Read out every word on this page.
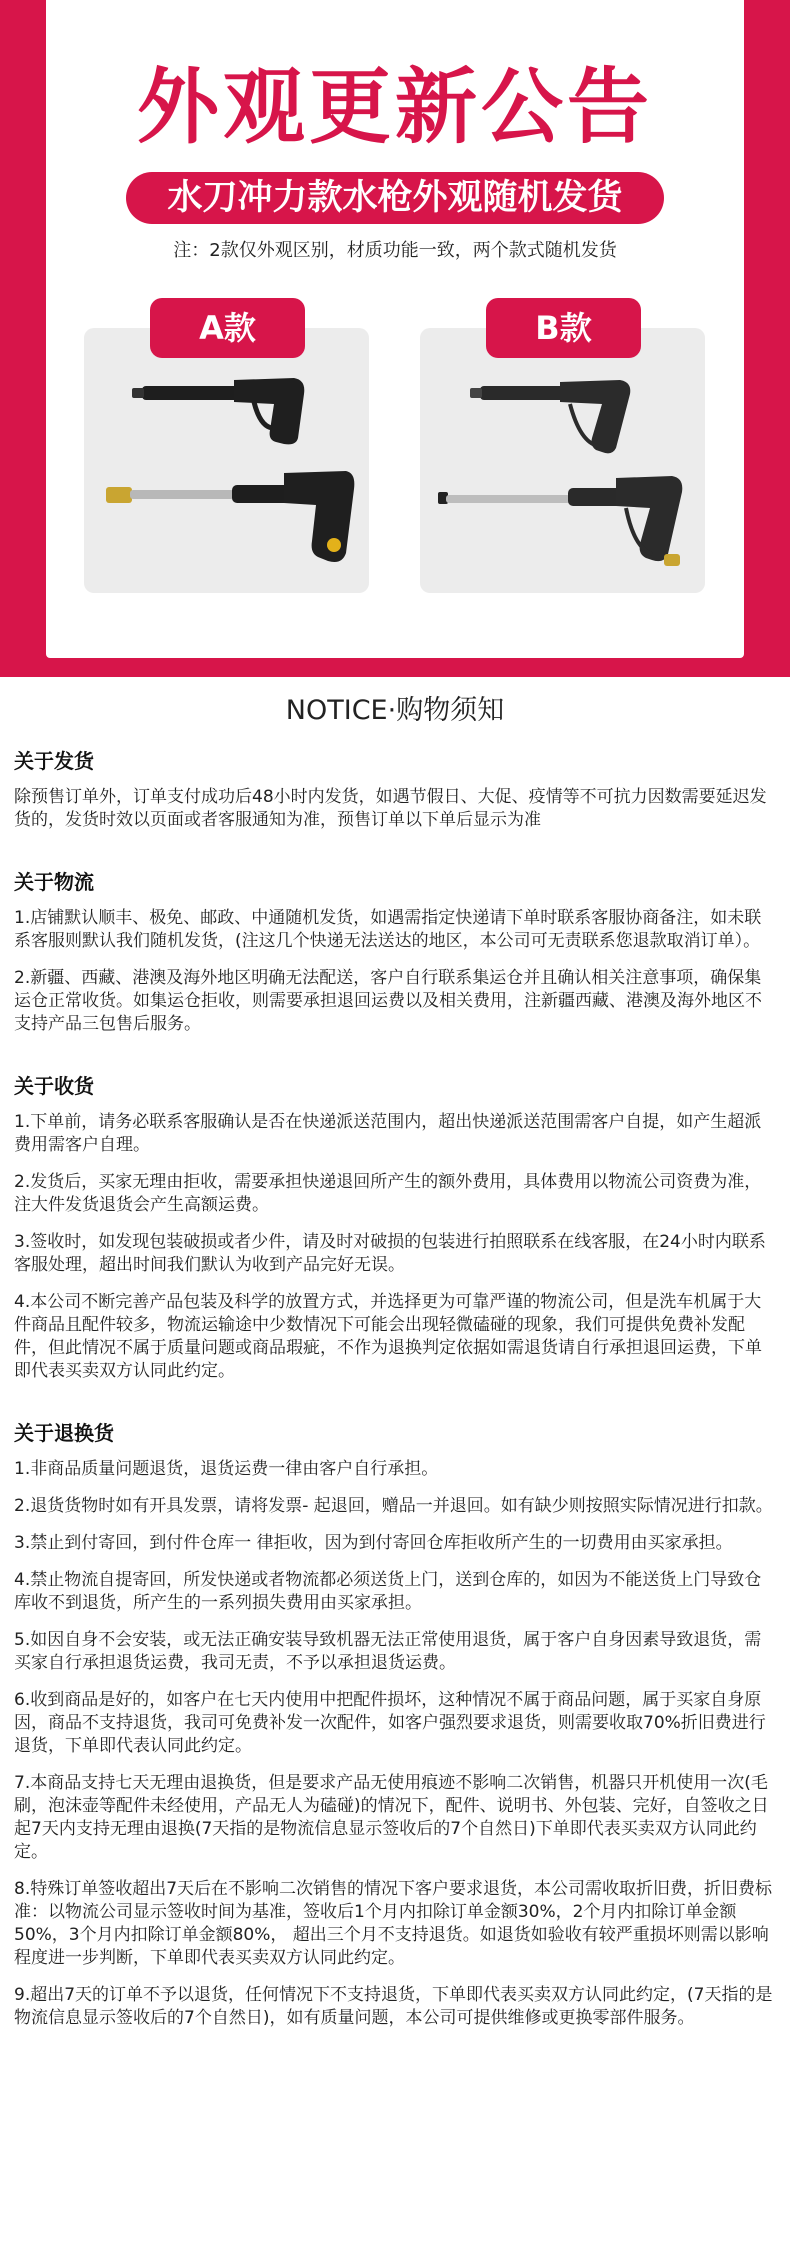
外观更新公告
水刀冲力款水枪外观随机发货
注：2款仅外观区别，材质功能一致，两个款式随机发货
A款	B款
NOTICE·购物须知
关于发货

除预售订单外，订单支付成功后48小时内发货，如遇节假日、大促、疫情等不可抗力因数需要延迟发货的，发货时效以页面或者客服通知为准，预售订单以下单后显示为准

关于物流

1.店铺默认顺丰、极免、邮政、中通随机发货，如遇需指定快递请下单时联系客服协商备注，如未联系客服则默认我们随机发货，(注这几个快递无法送达的地区，本公司可无责联系您退款取消订单）。

2.新疆、西藏、港澳及海外地区明确无法配送，客户自行联系集运仓并且确认相关注意事项，确保集运仓正常收货。如集运仓拒收，则需要承担退回运费以及相关费用，注新疆西藏、港澳及海外地区不支持产品三包售后服务。

关于收货

1.下单前，请务必联系客服确认是否在快递派送范围内，超出快递派送范围需客户自提，如产生超派费用需客户自理。

2.发货后，买家无理由拒收，需要承担快递退回所产生的额外费用，具体费用以物流公司资费为准，注大件发货退货会产生高额运费。

3.签收时，如发现包装破损或者少件，请及时对破损的包装进行拍照联系在线客服，在24小时内联系客服处理，超出时间我们默认为收到产品完好无误。

4.本公司不断完善产品包装及科学的放置方式，并选择更为可靠严谨的物流公司，但是洗车机属于大件商品且配件较多，物流运输途中少数情况下可能会出现轻微磕碰的现象，我们可提供免费补发配件，但此情况不属于质量问题或商品瑕疵，不作为退换判定依据如需退货请自行承担退回运费，下单即代表买卖双方认同此约定。

关于退换货

1.非商品质量问题退货，退货运费一律由客户自行承担。

2.退货货物时如有开具发票，请将发票- 起退回，赠品一并退回。如有缺少则按照实际情况进行扣款。

3.禁止到付寄回，到付件仓库一 律拒收，因为到付寄回仓库拒收所产生的一切费用由买家承担。

4.禁止物流自提寄回，所发快递或者物流都必须送货上门，送到仓库的，如因为不能送货上门导致仓库收不到退货，所产生的一系列损失费用由买家承担。

5.如因自身不会安装，或无法正确安装导致机器无法正常使用退货，属于客户自身因素导致退货，需买家自行承担退货运费，我司无责，不予以承担退货运费。

6.收到商品是好的，如客户在七天内使用中把配件损坏，这种情况不属于商品问题，属于买家自身原因，商品不支持退货，我司可免费补发一次配件，如客户强烈要求退货，则需要收取70%折旧费进行退货，下单即代表认同此约定。

7.本商品支持七天无理由退换货，但是要求产品无使用痕迹不影响二次销售，机器只开机使用一次(毛刷，泡沫壶等配件未经使用，产品无人为磕碰)的情况下，配件、说明书、外包装、完好，自签收之日起7天内支持无理由退换(7天指的是物流信息显示签收后的7个自然日)下单即代表买卖双方认同此约定。

8.特殊订单签收超出7天后在不影响二次销售的情况下客户要求退货，本公司需收取折旧费，折旧费标准：以物流公司显示签收时间为基准，签收后1个月内扣除订单金额30%，2个月内扣除订单金额50%，3个月内扣除订单金额80%， 超出三个月不支持退货。如退货如验收有较严重损坏则需以影响程度进一步判断，下单即代表买卖双方认同此约定。

9.超出7天的订单不予以退货，任何情况下不支持退货，下单即代表买卖双方认同此约定，(7天指的是物流信息显示签收后的7个自然日)，如有质量问题，本公司可提供维修或更换零部件服务。
